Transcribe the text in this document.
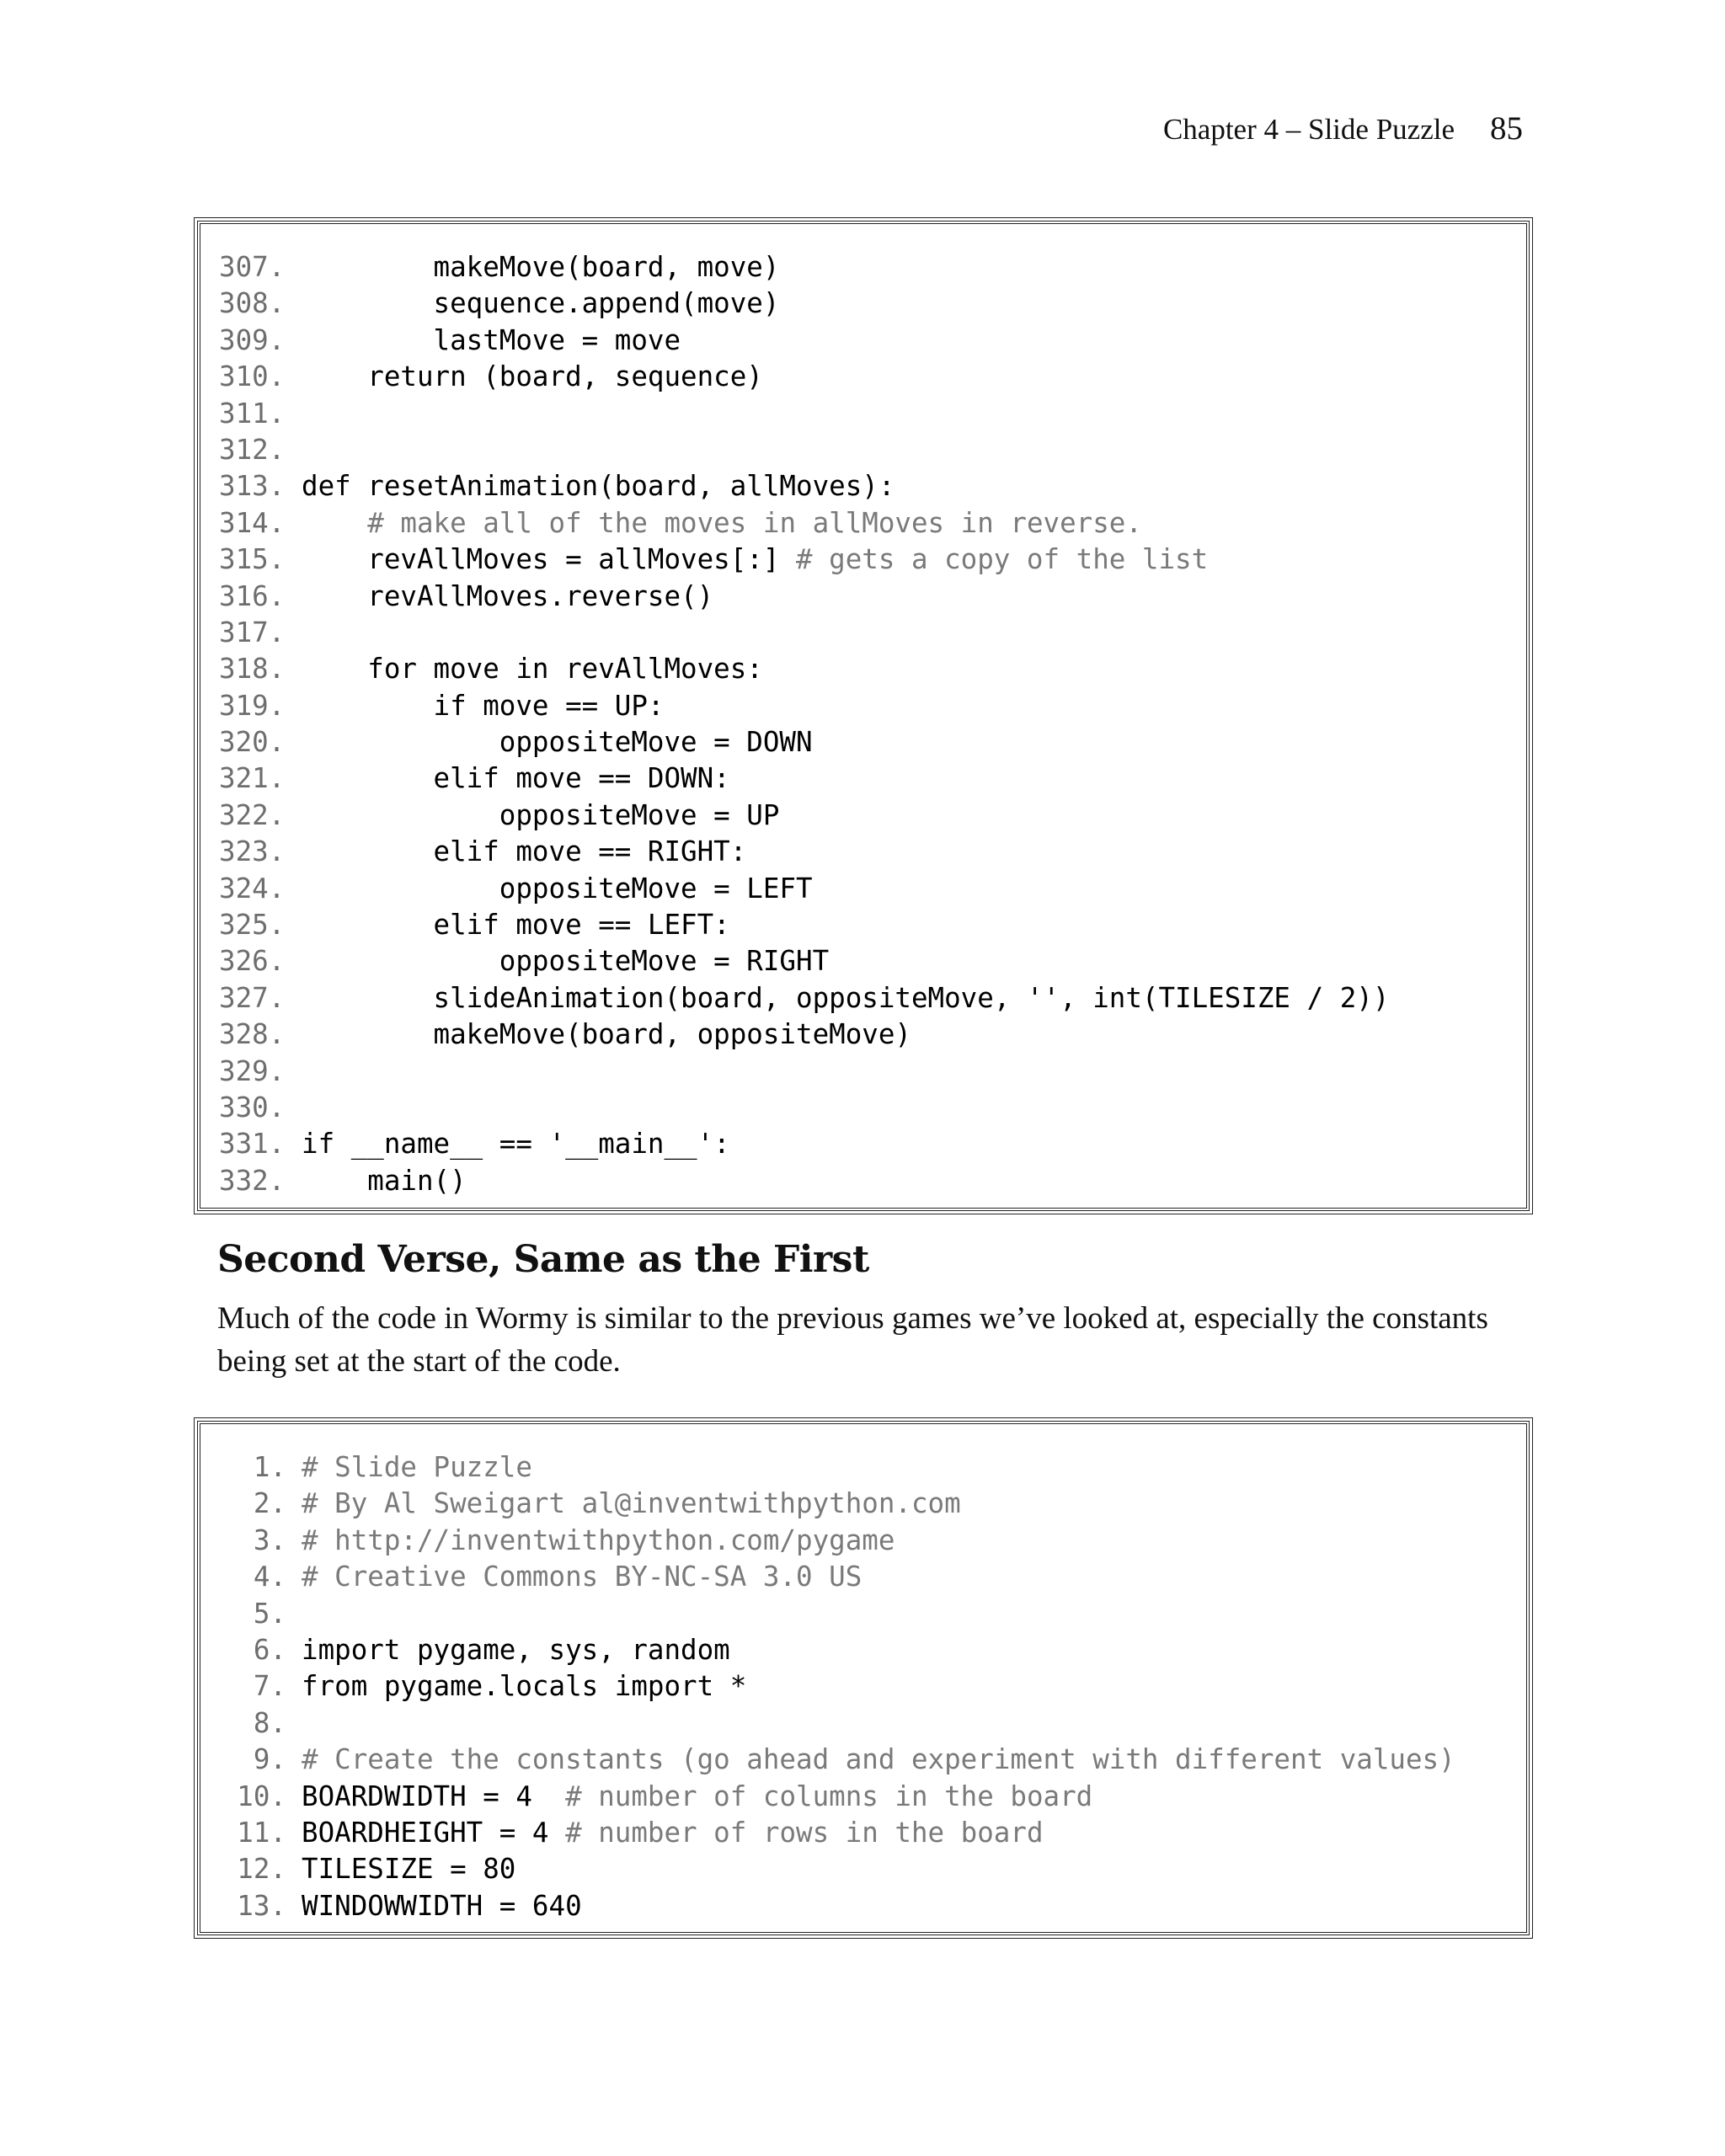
Chapter 4 – Slide Puzzle 85
307. makeMove(board, move)
308. sequence.append(move)
309. lastMove = move
310. return (board, sequence)
311.
312.
313. def resetAnimation(board, allMoves):
314.	# make all of the moves in allMoves in reverse.
315. revAllMoves = allMoves[:] # gets a copy of the list
316. revAllMoves.reverse()
317.
318. for move in revAllMoves:
319. if move == UP:
320. oppositeMove = DOWN
321. elif move == DOWN:
322. oppositeMove = UP
323. elif move == RIGHT:
324. oppositeMove = LEFT
325. elif move == LEFT:
326. oppositeMove = RIGHT
327. slideAnimation(board, oppositeMove, '', int(TILESIZE / 2))
328. makeMove(board, oppositeMove)
329.
330.
331. if __name__ == '__main__':
332. main()
Second Verse, Same as the First

Much of the code in Wormy is similar to the previous games we’ve looked at, especially the constants being set at the start of the code.

1. # Slide Puzzle
2. # By Al Sweigart al@inventwithpython.com
3. # http://inventwithpython.com/pygame
4. # Creative Commons BY-NC-SA 3.0 US
5.
6. import pygame, sys, random
7. from pygame.locals import *
8.
9. # Create the constants (go ahead and experiment with different values)
10. BOARDWIDTH = 4  # number of columns in the board
11. BOARDHEIGHT = 4 # number of rows in the board
12. TILESIZE = 80
13. WINDOWWIDTH = 640
